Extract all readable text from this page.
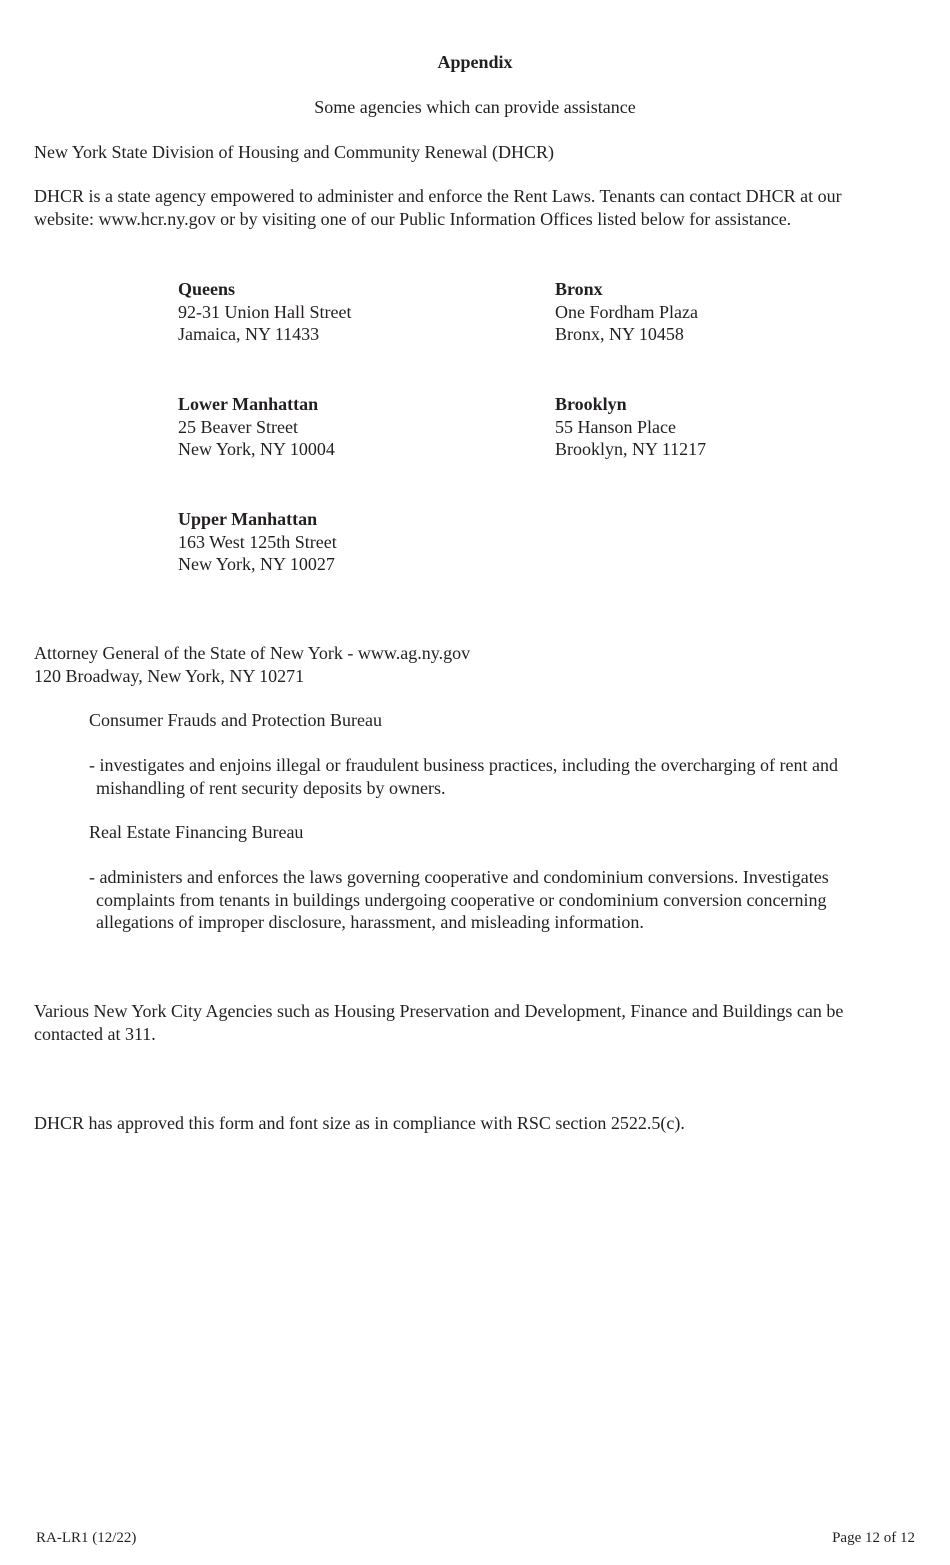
Appendix
Some agencies which can provide assistance
New York State Division of Housing and Community Renewal (DHCR)

DHCR is a state agency empowered to administer and enforce the Rent Laws. Tenants can contact DHCR at our website: www.hcr.ny.gov or by visiting one of our Public Information Offices listed below for assistance.

Queens
92-31 Union Hall Street
Jamaica, NY 11433
Bronx
One Fordham Plaza
Bronx, NY 10458
Lower Manhattan
25 Beaver Street
New York, NY 10004
Brooklyn
55 Hanson Place
Brooklyn, NY 11217
Upper Manhattan
163 West 125th Street
New York, NY 10027
Attorney General of the State of New York - www.ag.ny.gov
120 Broadway, New York, NY 10271
Consumer Frauds and Protection Bureau

- investigates and enjoins illegal or fraudulent business practices, including the overcharging of rent and mishandling of rent security deposits by owners.

Real Estate Financing Bureau

- administers and enforces the laws governing cooperative and condominium conversions. Investigates complaints from tenants in buildings undergoing cooperative or condominium conversion concerning allegations of improper disclosure, harassment, and misleading information.

Various New York City Agencies such as Housing Preservation and Development, Finance and Buildings can be contacted at 311.

DHCR has approved this form and font size as in compliance with RSC section 2522.5(c).
RA-LR1 (12/22)	Page 12 of 12
